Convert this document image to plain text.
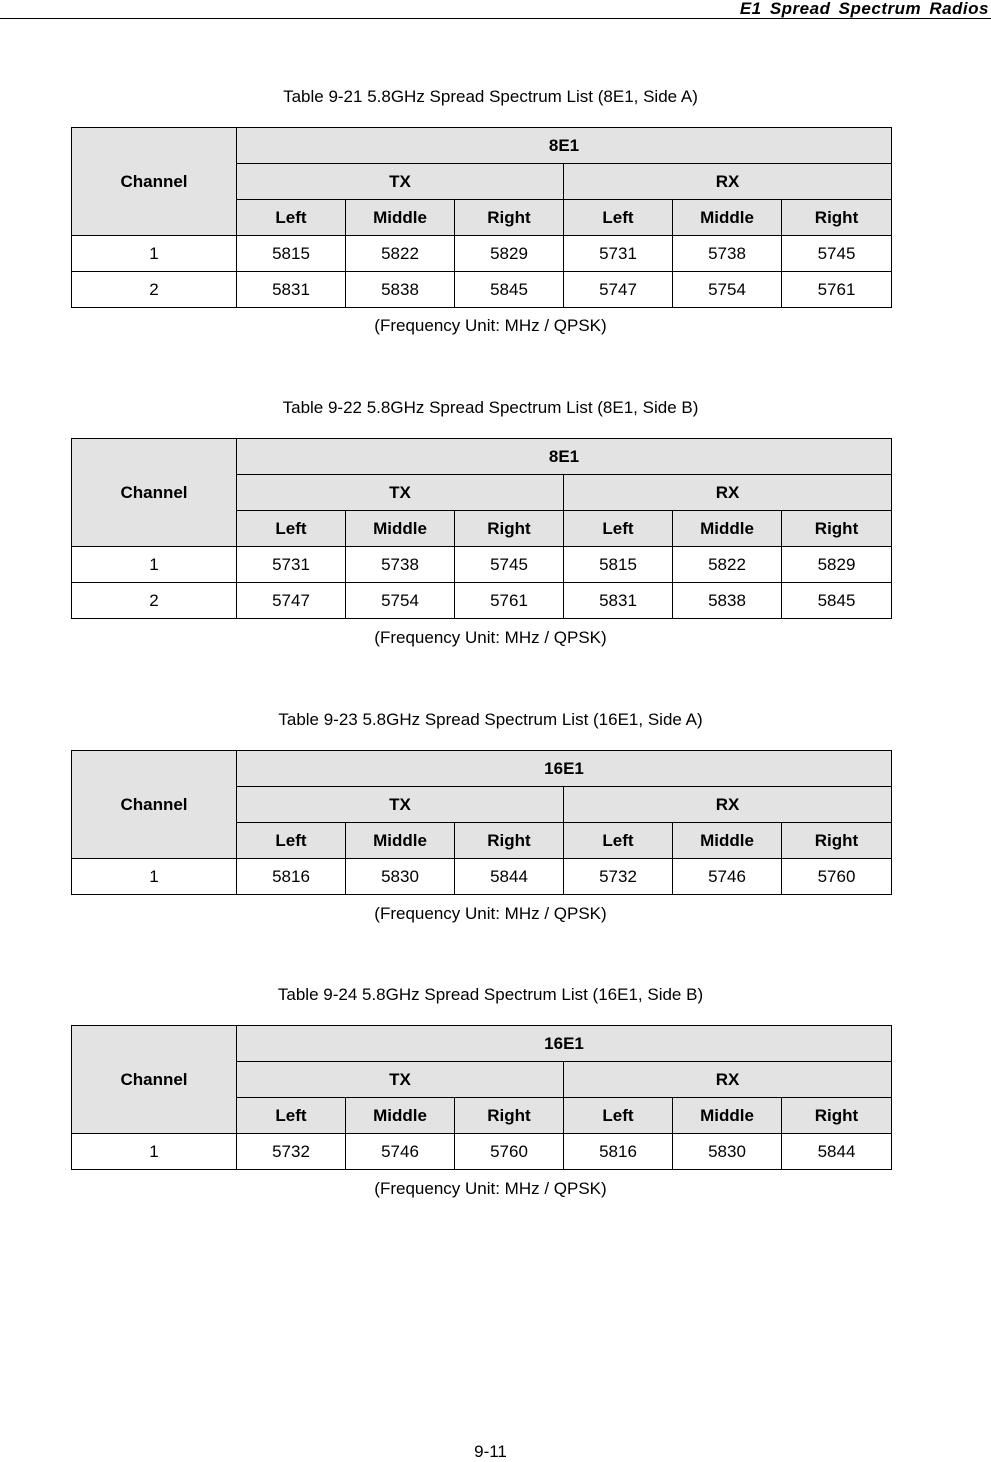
E1 Spread Spectrum Radios
Table 9-21 5.8GHz Spread Spectrum List (8E1, Side A)
Channel	8E1					
	TX			RX		
	Left	Middle	Right	Left	Middle	Right
1	5815	5822	5829	5731	5738	5745
2	5831	5838	5845	5747	5754	5761
(Frequency Unit: MHz / QPSK)
Table 9-22 5.8GHz Spread Spectrum List (8E1, Side B)
Channel	8E1					
	TX			RX		
	Left	Middle	Right	Left	Middle	Right
1	5731	5738	5745	5815	5822	5829
2	5747	5754	5761	5831	5838	5845
(Frequency Unit: MHz / QPSK)
Table 9-23 5.8GHz Spread Spectrum List (16E1, Side A)
Channel	16E1					
	TX			RX		
	Left	Middle	Right	Left	Middle	Right
1	5816	5830	5844	5732	5746	5760
(Frequency Unit: MHz / QPSK)
Table 9-24 5.8GHz Spread Spectrum List (16E1, Side B)
Channel	16E1					
	TX			RX		
	Left	Middle	Right	Left	Middle	Right
1	5732	5746	5760	5816	5830	5844
(Frequency Unit: MHz / QPSK)
9-11
